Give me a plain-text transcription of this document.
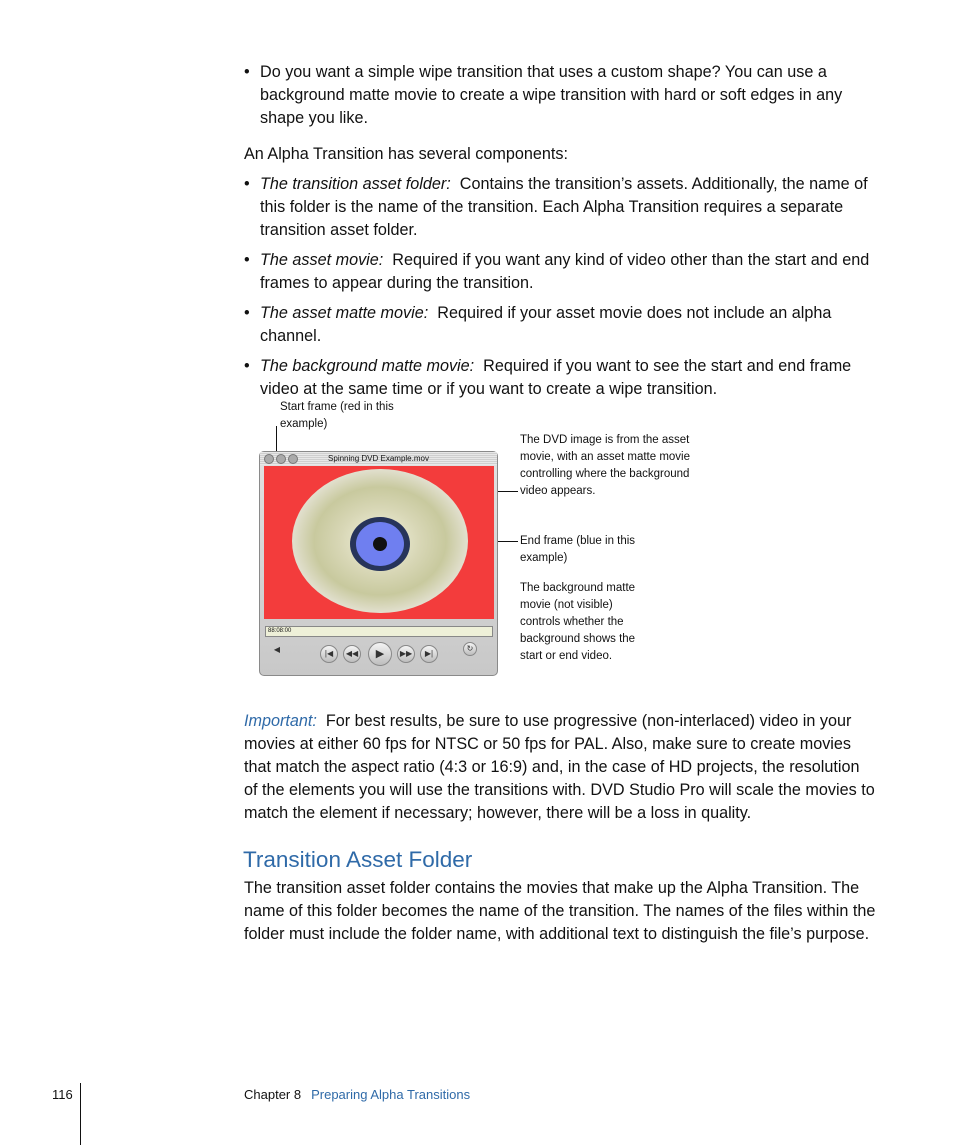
• Do you want a simple wipe transition that uses a custom shape? You can use a background matte movie to create a wipe transition with hard or soft edges in any shape you like.

An Alpha Transition has several components:

• The transition asset folder: Contains the transition’s assets. Additionally, the name of this folder is the name of the transition. Each Alpha Transition requires a separate transition asset folder.
• The asset movie: Required if you want any kind of video other than the start and end frames to appear during the transition.
• The asset matte movie: Required if your asset movie does not include an alpha channel.
• The background matte movie: Required if you want to see the start and end frame video at the same time or if you want to create a wipe transition.
Start frame (red in this example)
The DVD image is from the asset movie, with an asset matte movie controlling where the background video appears.
End frame (blue in this example)
The background matte movie (not visible) controls whether the background shows the start or end video.
Spinning DVD Example.mov
88:08:00
◀	|◀	◀◀	▶	▶▶	▶|
↻

Important: For best results, be sure to use progressive (non-interlaced) video in your movies at either 60 fps for NTSC or 50 fps for PAL. Also, make sure to create movies that match the aspect ratio (4:3 or 16:9) and, in the case of HD projects, the resolution of the elements you will use the transitions with. DVD Studio Pro will scale the movies to match the element if necessary; however, there will be a loss in quality.

Transition Asset Folder

The transition asset folder contains the movies that make up the Alpha Transition. The name of this folder becomes the name of the transition. The names of the files within the folder must include the folder name, with additional text to distinguish the file’s purpose.

116	Chapter 8 Preparing Alpha Transitions
